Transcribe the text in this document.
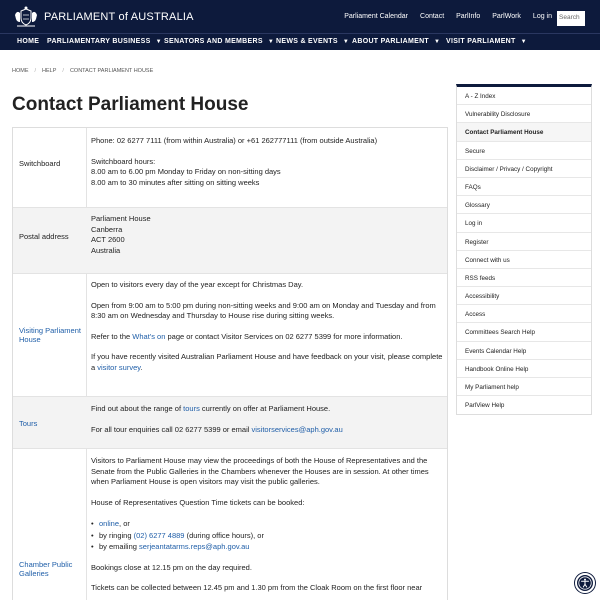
PARLIAMENT of AUSTRALIA	Parliament Calendar Contact ParlInfo ParlWork Log in	Search
HOME PARLIAMENTARY BUSINESS ▼ SENATORS AND MEMBERS ▼ NEWS & EVENTS ▼ ABOUT PARLIAMENT ▼ VISIT PARLIAMENT ▼
HOME / HELP / CONTACT PARLIAMENT HOUSE
Contact Parliament House
Switchboard

Phone: 02 6277 7111 (from within Australia) or +61 262777111 (from outside Australia)

Switchboard hours:
8.00 am to 6.00 pm Monday to Friday on non-sitting days
8.00 am to 30 minutes after sitting on sitting weeks
Postal address
Parliament House
Canberra
ACT 2600
Australia
Visiting Parliament House

Open to visitors every day of the year except for Christmas Day.

Open from 9:00 am to 5:00 pm during non-sitting weeks and 9:00 am on Monday and Tuesday and from 8:30 am on Wednesday and Thursday to House rise during sitting weeks.

Refer to the What's on page or contact Visitor Services on 02 6277 5399 for more information.

If you have recently visited Australian Parliament House and have feedback on your visit, please complete a visitor survey.

Tours

Find out about the range of tours currently on offer at Parliament House.

For all tour enquiries call 02 6277 5399 or email visitorservices@aph.gov.au

Chamber Public Galleries

Visitors to Parliament House may view the proceedings of both the House of Representatives and the Senate from the Public Galleries in the Chambers whenever the Houses are in session. At other times when Parliament House is open visitors may visit the public galleries.

House of Representatives Question Time tickets can be booked:

• online, or
• by ringing (02) 6277 4889 (during office hours), or
• by emailing serjeantatarms.reps@aph.gov.au

Bookings close at 12.15 pm on the day required.

Tickets can be collected between 12.45 pm and 1.30 pm from the Cloak Room on the first floor near

A - Z Index
Vulnerability Disclosure
Contact Parliament House
Secure
Disclaimer / Privacy / Copyright
FAQs
Glossary
Log in
Register
Connect with us
RSS feeds
Accessibility
Access
Committees Search Help
Events Calendar Help
Handbook Online Help
My Parliament help
ParlView Help
